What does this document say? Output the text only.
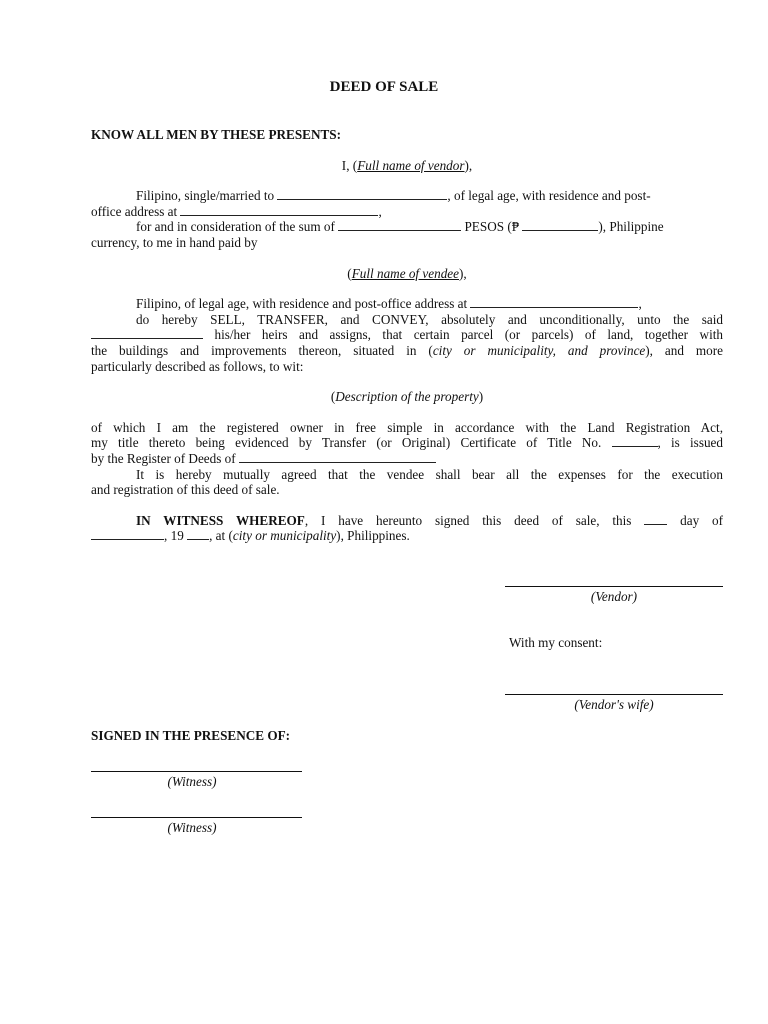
DEED OF SALE

KNOW ALL MEN BY THESE PRESENTS:

I, (Full name of vendor),

Filipino, single/married to	, of legal age, with residence and post-

office address at	,

for and in consideration of the sum of	PESOS (₱	), Philippine

currency, to me in hand paid by

(Full name of vendee),

Filipino, of legal age, with residence and post-office address at	,

do hereby SELL, TRANSFER, and CONVEY, absolutely and unconditionally, unto the said

his/her heirs and assigns, that certain parcel (or parcels) of land, together with

the buildings and improvements thereon, situated in (city or municipality, and province), and more

particularly described as follows, to wit:

(Description of the property)

of which I am the registered owner in free simple in accordance with the Land Registration Act,

my title thereto being evidenced by Transfer (or Original) Certificate of Title No.	, is issued

by the Register of Deeds of

It is hereby mutually agreed that the vendee shall bear all the expenses for the execution

and registration of this deed of sale.

IN WITNESS WHEREOF, I have hereunto signed this deed of sale, this  day of

, 19 , at (city or municipality), Philippines.

(Vendor)
With my consent:
(Vendor's wife)
SIGNED IN THE PRESENCE OF:
(Witness)
(Witness)
